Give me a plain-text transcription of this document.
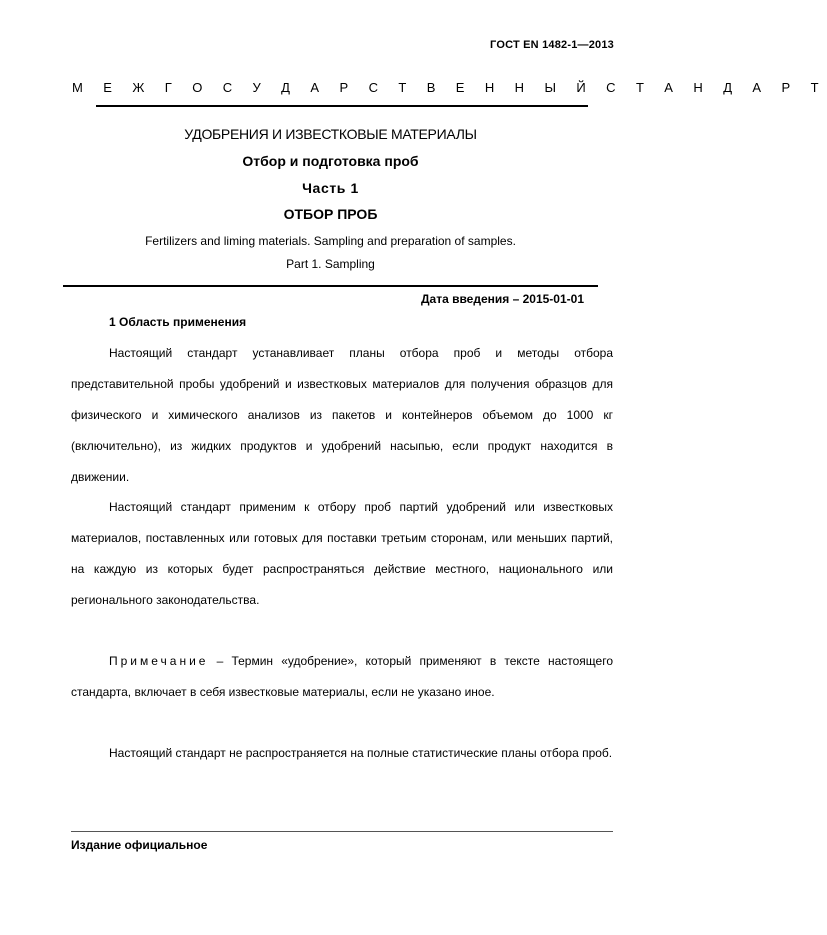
ГОСТ EN 1482-1—2013
М Е Ж Г О С У Д А Р С Т В Е Н Н Ы Й С Т А Н Д А Р Т
УДОБРЕНИЯ И ИЗВЕСТКОВЫЕ МАТЕРИАЛЫ
Отбор и подготовка проб
Часть 1
ОТБОР ПРОБ
Fertilizers and liming materials. Sampling and preparation of samples.
Part 1. Sampling
Дата введения – 2015-01-01
1 Область применения

Настоящий стандарт устанавливает планы отбора проб и методы отбора представительной пробы удобрений и известковых материалов для получения образцов для физического и химического анализов из пакетов и контейнеров объемом до 1000 кг (включительно), из жидких продуктов и удобрений насыпью, если продукт находится в движении.

Настоящий стандарт применим к отбору проб партий удобрений или известковых материалов, поставленных или готовых для поставки третьим сторонам, или меньших партий, на каждую из которых будет распространяться действие местного, национального или регионального законодательства.

Примечание – Термин «удобрение», который применяют в тексте настоящего стандарта, включает в себя известковые материалы, если не указано иное.

Настоящий стандарт не распространяется на полные статистические планы отбора проб.

Издание официальное
